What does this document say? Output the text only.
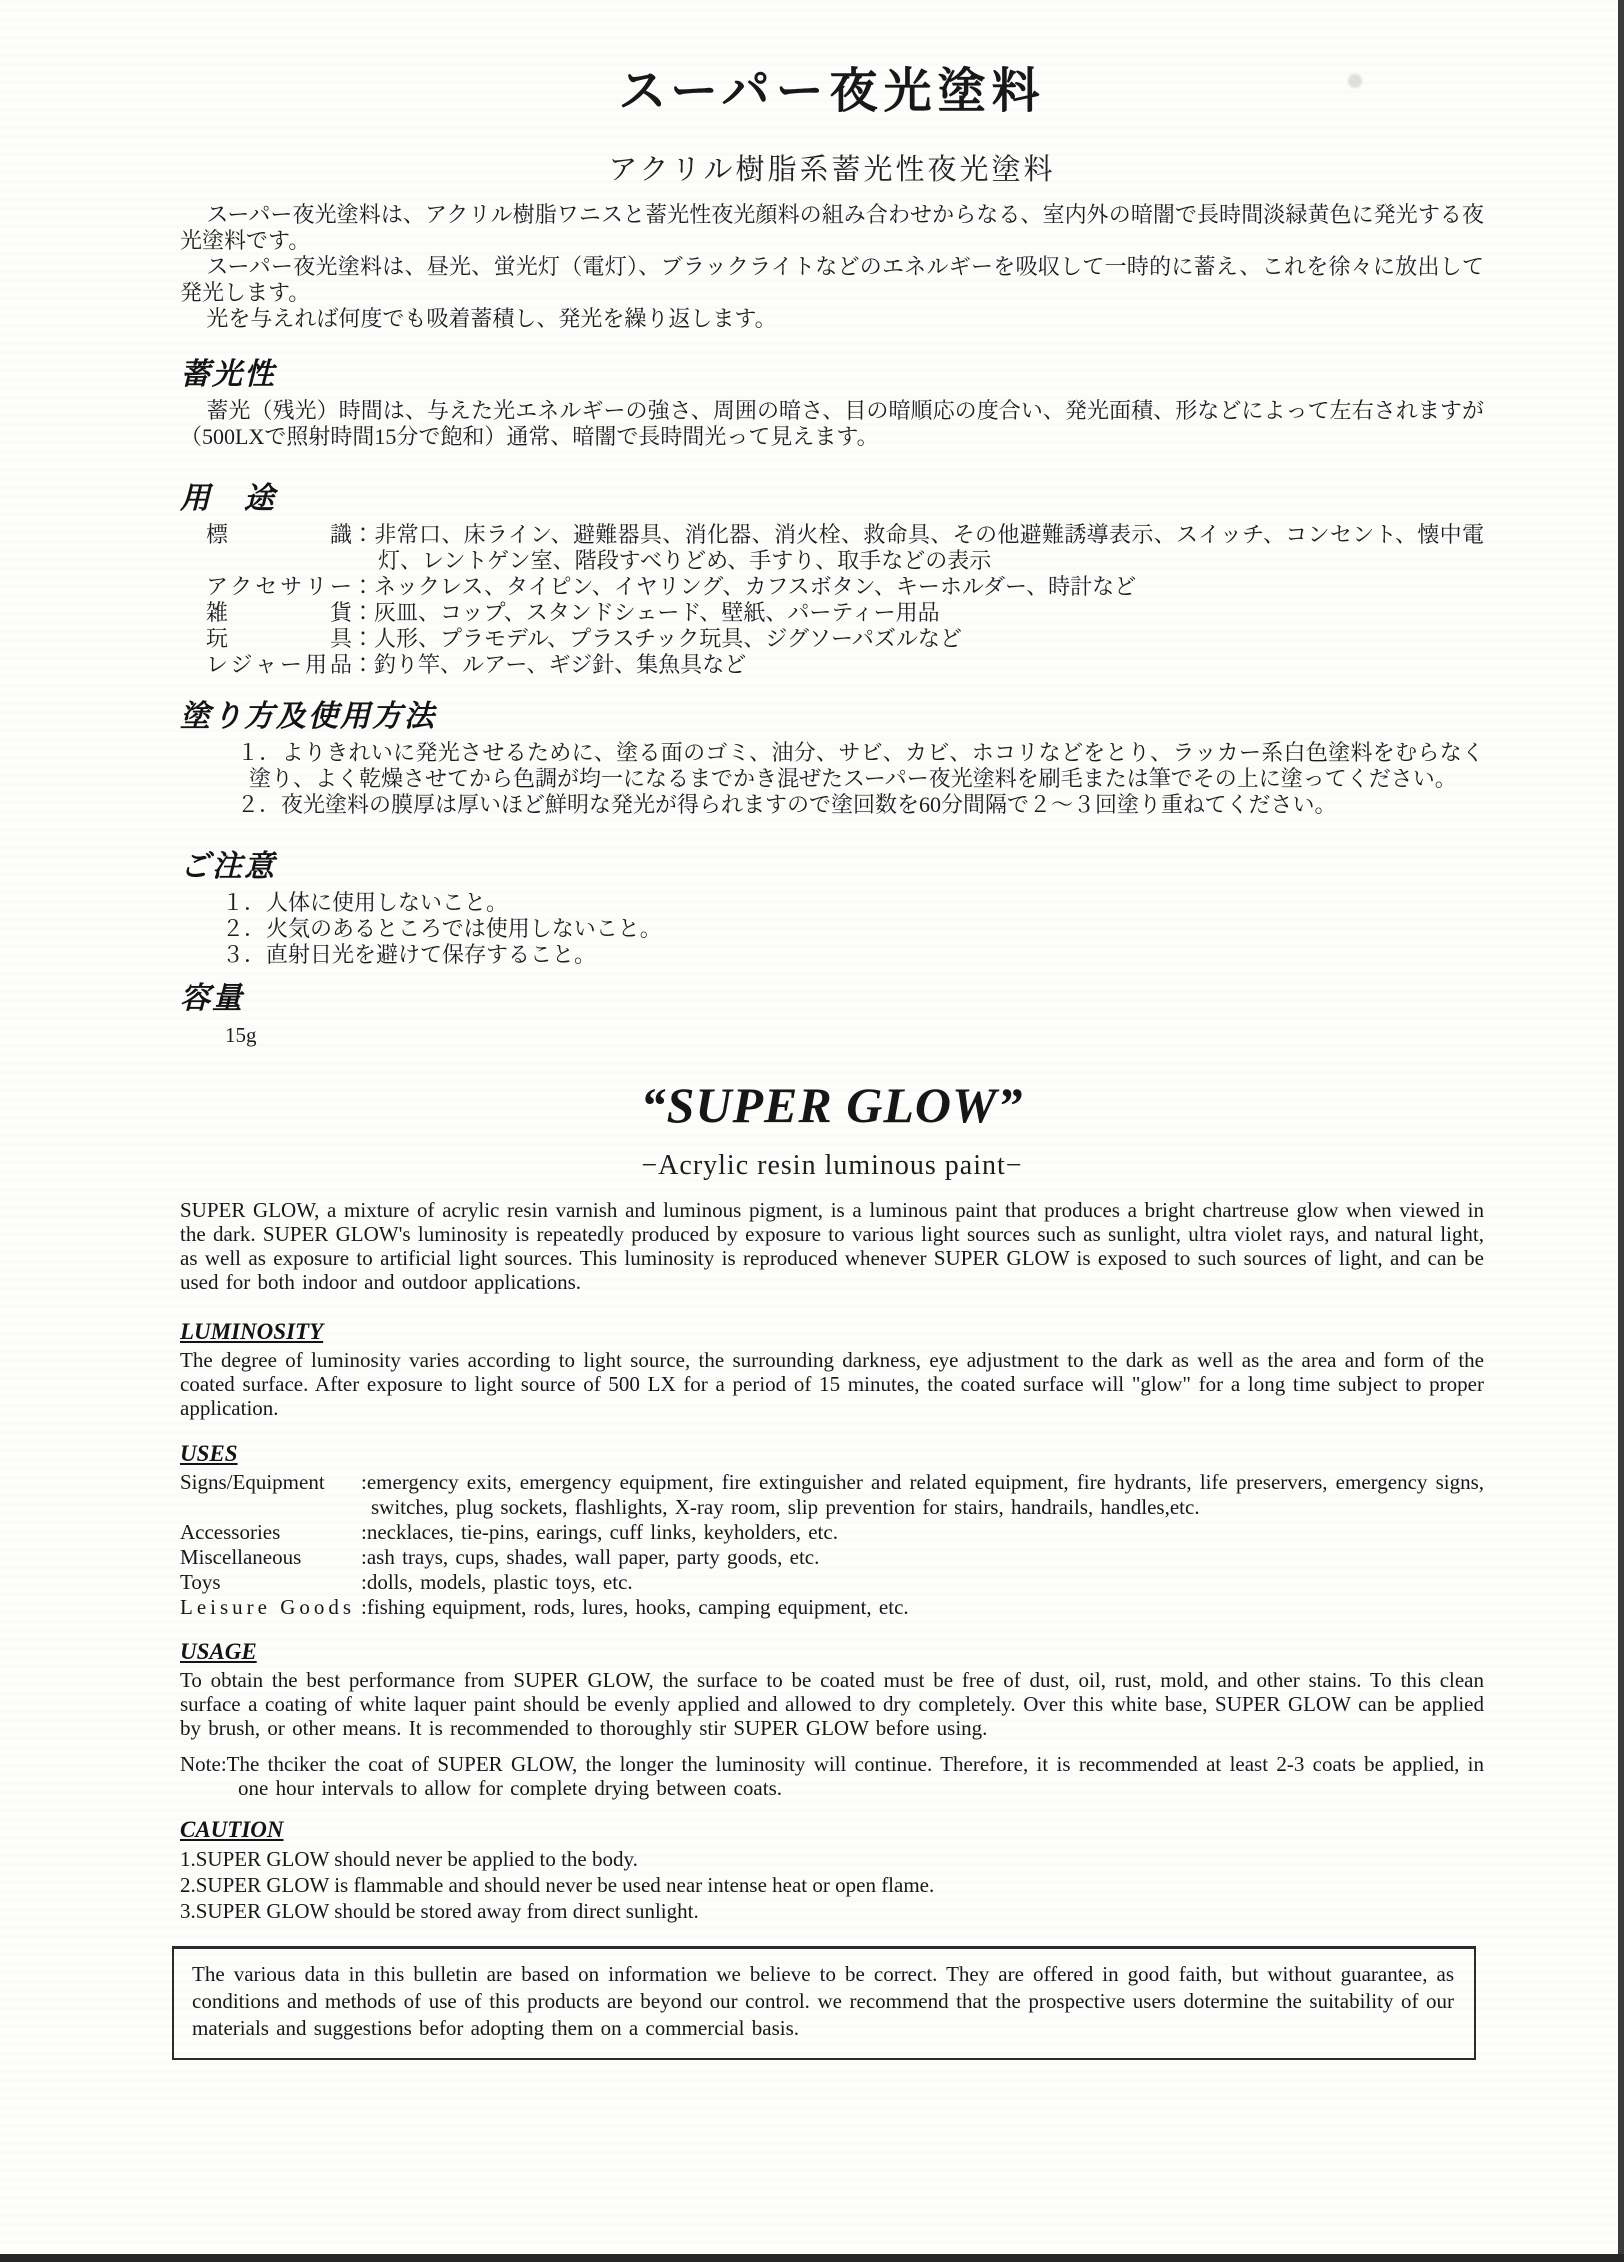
スーパー夜光塗料
アクリル樹脂系蓄光性夜光塗料

スーパー夜光塗料は、アクリル樹脂ワニスと蓄光性夜光顔料の組み合わせからなる、室内外の暗闇で長時間淡緑黄色に発光する夜光塗料です。

スーパー夜光塗料は、昼光、蛍光灯（電灯）、ブラックライトなどのエネルギーを吸収して一時的に蓄え、これを徐々に放出して発光します。

光を与えれば何度でも吸着蓄積し、発光を繰り返します。

蓄光性

蓄光（残光）時間は、与えた光エネルギーの強さ、周囲の暗さ、目の暗順応の度合い、発光面積、形などによって左右されますが（500LXで照射時間15分で飽和）通常、暗闇で長時間光って見えます。

用　途
標識 ：非常口、床ライン、避難器具、消化器、消火栓、救命具、その他避難誘導表示、スイッチ、コンセント、懐中電灯、レントゲン室、階段すべりどめ、手すり、取手などの表示
アクセサリー ：ネックレス、タイピン、イヤリング、カフスボタン、キーホルダー、時計など
雑貨 ：灰皿、コップ、スタンドシェード、壁紙、パーティー用品
玩具 ：人形、プラモデル、プラスチック玩具、ジグソーパズルなど
レジャー用品 ：釣り竿、ルアー、ギジ針、集魚具など
塗り方及使用方法

１．よりきれいに発光させるために、塗る面のゴミ、油分、サビ、カビ、ホコリなどをとり、ラッカー系白色塗料をむらなく塗り、よく乾燥させてから色調が均一になるまでかき混ぜたスーパー夜光塗料を刷毛または筆でその上に塗ってください。

２．夜光塗料の膜厚は厚いほど鮮明な発光が得られますので塗回数を60分間隔で２～３回塗り重ねてください。

ご注意

１．人体に使用しないこと。

２．火気のあるところでは使用しないこと。

３．直射日光を避けて保存すること。

容量

15g

“SUPER GLOW”
−Acrylic resin luminous paint−

SUPER GLOW, a mixture of acrylic resin varnish and luminous pigment, is a luminous paint that produces a bright chartreuse glow when viewed in the dark. SUPER GLOW's luminosity is repeatedly produced by exposure to various light sources such as sunlight, ultra violet rays, and natural light, as well as exposure to artificial light sources. This luminosity is reproduced whenever SUPER GLOW is exposed to such sources of light, and can be used for both indoor and outdoor applications.

LUMINOSITY

The degree of luminosity varies according to light source, the surrounding darkness, eye adjustment to the dark as well as the area and form of the coated surface. After exposure to light source of 500 LX for a period of 15 minutes, the coated surface will "glow" for a long time subject to proper application.

USES
Signs/Equipment	:emergency exits, emergency equipment, fire extinguisher and related equipment, fire hydrants, life preservers, emergency signs, switches, plug sockets, flashlights, X-ray room, slip prevention for stairs, handrails, handles,etc.
Accessories	:necklaces, tie-pins, earings, cuff links, keyholders, etc.
Miscellaneous	:ash trays, cups, shades, wall paper, party goods, etc.
Toys	:dolls, models, plastic toys, etc.
Leisure Goods :fishing equipment, rods, lures, hooks, camping equipment, etc.
USAGE

To obtain the best performance from SUPER GLOW, the surface to be coated must be free of dust, oil, rust, mold, and other stains. To this clean surface a coating of white laquer paint should be evenly applied and allowed to dry completely. Over this white base, SUPER GLOW can be applied by brush, or other means. It is recommended to thoroughly stir SUPER GLOW before using.

Note:The thciker the coat of SUPER GLOW, the longer the luminosity will continue. Therefore, it is recommended at least 2-3 coats be applied, in one hour intervals to allow for complete drying between coats.

CAUTION

1.SUPER GLOW should never be applied to the body.

2.SUPER GLOW is flammable and should never be used near intense heat or open flame.

3.SUPER GLOW should be stored away from direct sunlight.

The various data in this bulletin are based on information we believe to be correct. They are offered in good faith, but without guarantee, as conditions and methods of use of this products are beyond our control. we recommend that the prospective users dotermine the suitability of our materials and suggestions befor adopting them on a commercial basis.
